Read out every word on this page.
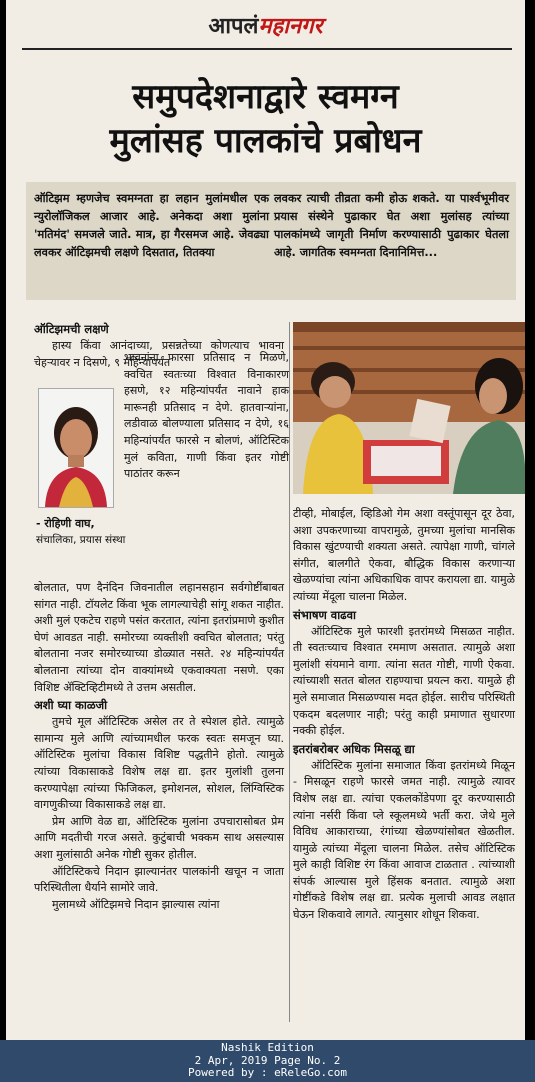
आपलंमहानगर
समुपदेशनाद्वारे स्वमग्न
मुलांसह पालकांचे प्रबोधन
ऑटिझम म्हणजेच स्वमग्नता हा लहान मुलांमधील एक न्युरोलॉजिकल आजार आहे. अनेकदा अशा मुलांना 'मतिमंद' समजले जाते. मात्र, हा गैरसमज आहे. जेवढ्या लवकर ऑटिझमची लक्षणे दिसतात, तितक्या
लवकर त्याची तीव्रता कमी होऊ शकते. या पार्श्वभूमीवर प्रयास संस्थेने पुढाकार घेत अशा मुलांसह त्यांच्या पालकांमध्ये जागृती निर्माण करण्यासाठी पुढाकार घेतला आहे. जागतिक स्वमग्नता दिनानिमित्त...
ऑटिझमची लक्षणे
हास्य किंवा आनंदाच्या, प्रसन्नतेच्या कोणत्याच भावना चेहऱ्यावर न दिसणे, ९ महिन्यांपर्यंत
भावनांना फारसा प्रतिसाद न मिळणे, क्वचित स्वतःच्या विश्वात विनाकारण हसणे, १२ महिन्यांपर्यंत नावाने हाक मारूनही प्रतिसाद न देणे. हातवाऱ्यांना, लडीवाळ बोलण्याला प्रतिसाद न देणे, १६ महिन्यांपर्यंत फारसे न बोलणं, ऑटिस्टिक मुलं कविता, गाणी किंवा इतर गोष्टी पाठांतर करून
- रोहिणी वाघ,
संचालिका, प्रयास संस्था
बोलतात, पण दैनंदिन जिवनातील लहानसहान सर्वगोष्टींबाबत सांगत नाही. टॉयलेट किंवा भूक लागल्याचेही सांगू शकत नाहीत. अशी मुलं एकटेच राहणे पसंत करतात, त्यांना इतरांप्रमाणे कुशीत घेणं आवडत नाही. समोरच्या व्यक्तीशी क्वचित बोलतात; परंतु बोलताना नजर समोरच्याच्या डोळ्यात नसते. २४ महिन्यांपर्यंत बोलताना त्यांच्या दोन वाक्यांमध्ये एकवाक्यता नसणे. एका विशिष्ट ॲक्टिव्हिटीमध्ये ते उत्तम असतील.
अशी घ्या काळजी
तुमचे मूल ऑटिस्टिक असेल तर ते स्पेशल होते. त्यामुळे सामान्य मुले आणि त्यांच्यामधील फरक स्वतः समजून घ्या. ऑटिस्टिक मुलांचा विकास विशिष्ट पद्धतीने होतो. त्यामुळे त्यांच्या विकासाकडे विशेष लक्ष द्या. इतर मुलांशी तुलना करण्यापेक्षा त्यांच्या फिजिकल, इमोशनल, सोशल, लिंग्विस्टिक वागणुकीच्या विकासाकडे लक्ष द्या.
प्रेम आणि वेळ द्या, ऑटिस्टिक मुलांना उपचारासोबत प्रेम आणि मदतीची गरज असते. कुटुंबाची भक्कम साथ असल्यास अशा मुलांसाठी अनेक गोष्टी सुकर होतील.
ऑटिस्टिकचे निदान झाल्यानंतर पालकांनी खचून न जाता परिस्थितीला धैर्याने सामोरे जावे.
मुलामध्ये ऑटिझमचे निदान झाल्यास त्यांना
टीव्ही, मोबाईल, व्हिडिओ गेम अशा वस्तूंपासून दूर ठेवा, अशा उपकरणाच्या वापरामुळे, तुमच्या मुलांचा मानसिक विकास खुंटण्याची शक्यता असते. त्यापेक्षा गाणी, चांगले संगीत, बालगीते ऐकवा, बौद्धिक विकास करणाऱ्या खेळण्यांचा त्यांना अधिकाधिक वापर करायला द्या. यामुळे त्यांच्या मेंदूला चालना मिळेल.
संभाषण वाढवा
ऑटिस्टिक मुले फारशी इतरांमध्ये मिसळत नाहीत. ती स्वतःच्याच विश्वात रममाण असतात. त्यामुळे अशा मुलांशी संयमाने वागा. त्यांना सतत गोष्टी, गाणी ऐकवा. त्यांच्याशी सतत बोलत राहण्याचा प्रयत्न करा. यामुळे ही मुले समाजात मिसळण्यास मदत होईल. सारीच परिस्थिती एकदम बदलणार नाही; परंतु काही प्रमाणात सुधारणा नक्की होईल.
इतरांबरोबर अधिक मिसळू द्या
ऑटिस्टिक मुलांना समाजात किंवा इतरांमध्ये मिळून - मिसळून राहणे फारसे जमत नाही. त्यामुळे त्यावर विशेष लक्ष द्या. त्यांचा एकलकोंडेपणा दूर करण्यासाठी त्यांना नर्सरी किंवा प्ले स्कूलमध्ये भर्ती करा. जेथे मुले विविध आकाराच्या, रंगांच्या खेळण्यांसोबत खेळतील. यामुळे त्यांच्या मेंदूला चालना मिळेल. तसेच ऑटिस्टिक मुले काही विशिष्ट रंग किंवा आवाज टाळतात . त्यांच्याशी संपर्क आल्यास मुले हिंसक बनतात. त्यामुळे अशा गोष्टींकडे विशेष लक्ष द्या. प्रत्येक मुलाची आवड लक्षात घेऊन शिकवावे लागते. त्यानुसार शोधून शिकवा.
Nashik Edition
2 Apr, 2019 Page No. 2
Powered by : eReleGo.com
